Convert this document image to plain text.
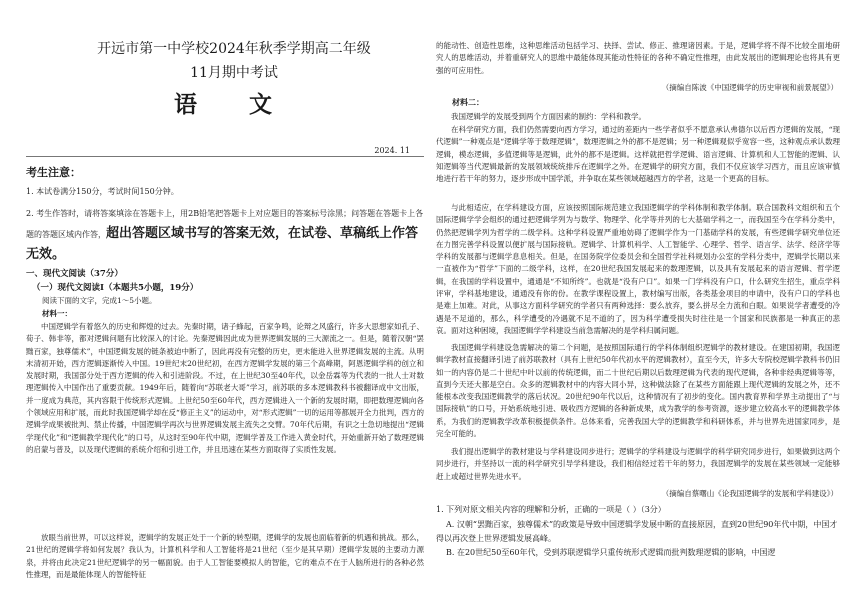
开远市第一中学校2024年秋季学期高二年级
11月期中考试
语 文
2024. 11
考生注意：
1. 本试卷满分150分，考试时间150分钟。
2. 考生作答时，请将答案填涂在答题卡上，用2B铅笔把答题卡上对应题目的答案标号涂黑；问答题在答题卡上各题的答题区域内作答，超出答题区域书写的答案无效，在试卷、草稿纸上作答无效。
一、现代文阅读（37分）
（一）现代文阅读Ⅰ（本题共5小题，19分）
阅读下面的文字，完成1～5小题。
材料一：

中国逻辑学有着悠久的历史和辉煌的过去。先秦时期，诸子蜂起，百家争鸣，论辩之风盛行，许多大思想家如孔子、荀子、韩非等，都对逻辑问题有比较深入的讨论。先秦逻辑因此成为世界逻辑发展的三大源流之一。但是，随着汉朝“罢黜百家，独尊儒术”，中国逻辑发展的链条被迫中断了，因此再没有完整的历史，更未能进入世界逻辑发展的主流。从明末清初开始，西方逻辑逐渐传入中国。19世纪末20世纪初，在西方逻辑学发展的第三个高峰期，阿恩逻辑学科的创立和发展时期，我国部分处于西方逻辑的传入和引进阶段。不过，在上世纪30至40年代，以金岳霖等为代表的一批人士对数理逻辑传入中国作出了重要贡献。1949年后，随着向“苏联老大哥”学习，前苏联的多本逻辑教科书被翻译成中文出版，并一度成为典范，其内容限于传统形式逻辑。上世纪50至60年代，西方逻辑进入一个新的发展时期，即把数理逻辑向各个领域应用和扩展，而此时我国逻辑学却在反“修正主义”的运动中，对“形式逻辑”一切的运用等都展开全力批判，西方的逻辑学成果被批判、禁止传播，中国逻辑学再次与世界逻辑发展主流失之交臂。70年代后期，有识之士急切地提出“逻辑学现代化”和“逻辑教学现代化”的口号，从这时至90年代中期，逻辑学普及工作进入黄金时代，开始重新开始了数理逻辑的启蒙与普及，以及现代逻辑的系统介绍和引进工作，并且迅速在某些方面取得了实质性发展。

放眼当前世界，可以这样说，逻辑学的发展正处于一个新的转型期，逻辑学的发展也面临着新的机遇和挑战。那么，21世纪的逻辑学将如何发展？我认为，计算机科学和人工智能将是21世纪（至少是其早期）逻辑学发展的主要动力源泉，并将由此决定21世纪逻辑学的另一幅面貌。由于人工智能要模拟人的智能，它的难点不在于人脑所进行的各种必然性推理，而是最能体现人的智能特征

的能动性、创造性思维，这种思维活动包括学习、抉择、尝试、修正、推理诸因素。于是，逻辑学将不得不比较全面地研究人的思维活动，并着重研究人的思维中最能体现其能动性特征的各种不确定性推理，由此发展出的逻辑理论也将具有更强的可应用性。

（摘编自陈波《中国逻辑学的历史审视和前景展望》）
材料二：

我国逻辑学的发展受到两个方面因素的制约：学科和教学。

在科学研究方面，我们仍然需要向西方学习，通过的差距内一些学者似乎不愿意承认弗德尔以后西方逻辑的发展，“现代逻辑”一种观点是“逻辑学等于数理逻辑”，数理逻辑之外的都不是逻辑；另一种逻辑观似乎宽容一些，这种观点承认数理逻辑，模态逻辑，多值逻辑等是逻辑，此外的都不是逻辑。这样就把哲学逻辑、语言逻辑、计算机和人工智能的逻辑、认知逻辑等当代逻辑最新的发展领域统统排斥在逻辑学之外。在逻辑学的研究方面，我们不仅应该学习西方，而且应该审慎地进行若干年的努力，逐步形成中国学派，并争取在某些领域超越西方的学者，这是一个更高的目标。

与此相适应，在学科建设方面，应该按照国际规范建立我国逻辑学的学科体制和教学体制。联合国教科文组织和五个国际逻辑学学会组织的通过把逻辑学列为与数学、物理学、化学等并列的七大基础学科之一，而我国至今在学科分类中，仍然把逻辑学列为哲学的二级学科。这种学科设置严重地妨碍了逻辑学作为一门基础学科的发展，有些逻辑学研究单位还在力图完善学科设置以便扩展与国际接轨。逻辑学、计算机科学、人工智能学、心理学、哲学、语言学、法学、经济学等学科的发展都与逻辑学息息相关。但是，在国务院学位委员会和全国哲学社科规划办公室的学科分类中，逻辑学长期以来一直被作为“哲学”下面的二级学科，这样，在20世纪我国发展起来的数理逻辑，以及具有发展起来的语言逻辑、哲学逻辑，在我国的学科设置中，通通是“不知所终”。也就是“没有户口”。如果一门学科没有户口，什么研究生招生，重点学科评审，学科基地建设，通通没有你的份。在教学课程设置上，教材编写出版，各类基金项目的申请中，没有户口的学科也是难上加难。对此，从事这方面科学研究的学者只有两种选择：要么放弃，要么拼尽全力流和白眼。如果说学者遭受的冷遇是不足道的，那么，科学遭受的冷遇就不足不道的了，因为科学遭受损失时往往是一个国家和民族都是一种真正的悲哀。面对这种困境，我国逻辑学学科建设当前急需解决的是学科归属问题。

我国逻辑学科建设急需解决的第二个问题，是按照国际通行的学科体制组织逻辑学的教材建设。在建国初期，我国逻辑学教材直接翻译引进了前苏联教材（具有上世纪50年代初水平的逻辑教材），直至今天，许多大专院校逻辑学教科书仍旧如一的内容仍是二十世纪中叶以前的传统逻辑，而二十世纪后期以后数理逻辑为代表的现代逻辑，各种非经典逻辑等等，直到今天还大都是空白。众多的逻辑教材中的内容大同小异，这种做法除了在某些方面能跟上现代逻辑的发展之外，还不能根本改变我国逻辑教学的落后状况。20世纪90年代以后，这种情况有了初步的变化。国内教育界和学界主动提出了“与国际接轨”的口号，开始系统地引进、吸收西方逻辑的各种新成果，成为教学的参考资源，逐步建立较高水平的逻辑教学体系，为我们的逻辑教学改革积极提供条件。总体来看，完善我国大学的逻辑教学和科研体系，并与世界先进国家同步，是完全可能的。

我们提出逻辑学的教材建设与学科建设同步进行；逻辑学的学科建设与逻辑学的科学研究同步进行，如果做到这两个同步进行，并坚持以一流的科学研究引导学科建设，我们相信经过若干年的努力，我国逻辑学的发展在某些领域一定能够赶上或超过世界先进水平。

（摘编自蔡曙山《论我国逻辑学的发展和学科建设》）

1. 下列对原文相关内容的理解和分析，正确的一项是（ ）（3分）

A. 汉朝“罢黜百家，独尊儒术”的政策是导致中国逻辑学发展中断的直接原因，直到20世纪90年代中期，中国才得以再次登上世界逻辑发展高峰。

B. 在20世纪50至60年代，受到苏联逻辑学只重传统形式逻辑而批判数理逻辑的影响，中国逻
